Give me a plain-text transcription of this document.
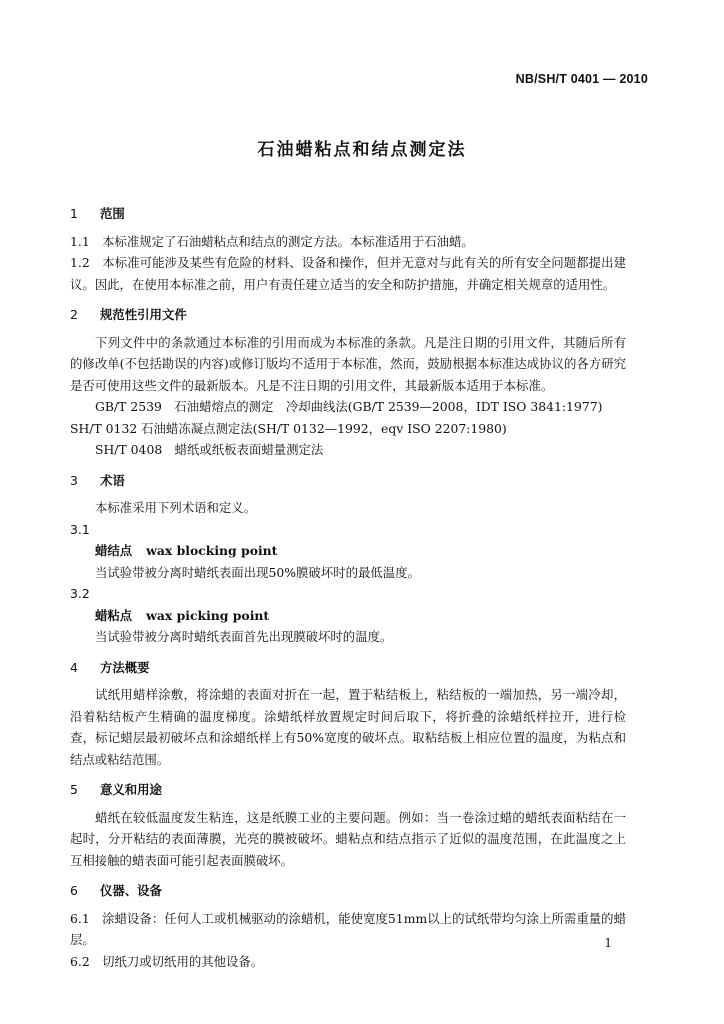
NB/SH/T 0401 — 2010
石油蜡粘点和结点测定法

1 范围

1.1　本标准规定了石油蜡粘点和结点的测定方法。本标准适用于石油蜡。

1.2　本标准可能涉及某些有危险的材料、设备和操作，但并无意对与此有关的所有安全问题都提出建议。因此，在使用本标准之前，用户有责任建立适当的安全和防护措施，并确定相关规章的适用性。

2 规范性引用文件

下列文件中的条款通过本标准的引用而成为本标准的条款。凡是注日期的引用文件，其随后所有的修改单(不包括勘误的内容)或修订版均不适用于本标准，然而，鼓励根据本标准达成协议的各方研究是否可使用这些文件的最新版本。凡是不注日期的引用文件，其最新版本适用于本标准。

GB/T 2539　石油蜡熔点的测定　冷却曲线法(GB/T 2539—2008，IDT ISO 3841:1977) SH/T 0132 石油蜡冻凝点测定法(SH/T 0132—1992，eqv ISO 2207:1980)

SH/T 0408　蜡纸或纸板表面蜡量测定法

3 术语

本标准采用下列术语和定义。

3.1

蜡结点 wax blocking point

当试验带被分离时蜡纸表面出现50%膜破坏时的最低温度。

3.2

蜡粘点 wax picking point

当试验带被分离时蜡纸表面首先出现膜破坏时的温度。

4 方法概要

试纸用蜡样涂敷，将涂蜡的表面对折在一起，置于粘结板上，粘结板的一端加热，另一端冷却，沿着粘结板产生精确的温度梯度。涂蜡纸样放置规定时间后取下，将折叠的涂蜡纸样拉开，进行检查，标记蜡层最初破坏点和涂蜡纸样上有50%宽度的破坏点。取粘结板上相应位置的温度，为粘点和结点或粘结范围。

5 意义和用途

蜡纸在较低温度发生粘连，这是纸膜工业的主要问题。例如：当一卷涂过蜡的蜡纸表面粘结在一起时，分开粘结的表面薄膜，光亮的膜被破坏。蜡粘点和结点指示了近似的温度范围，在此温度之上互相接触的蜡表面可能引起表面膜破坏。

6 仪器、设备

6.1　涂蜡设备：任何人工或机械驱动的涂蜡机，能使宽度51mm以上的试纸带均匀涂上所需重量的蜡层。

6.2　切纸刀或切纸用的其他设备。

1
